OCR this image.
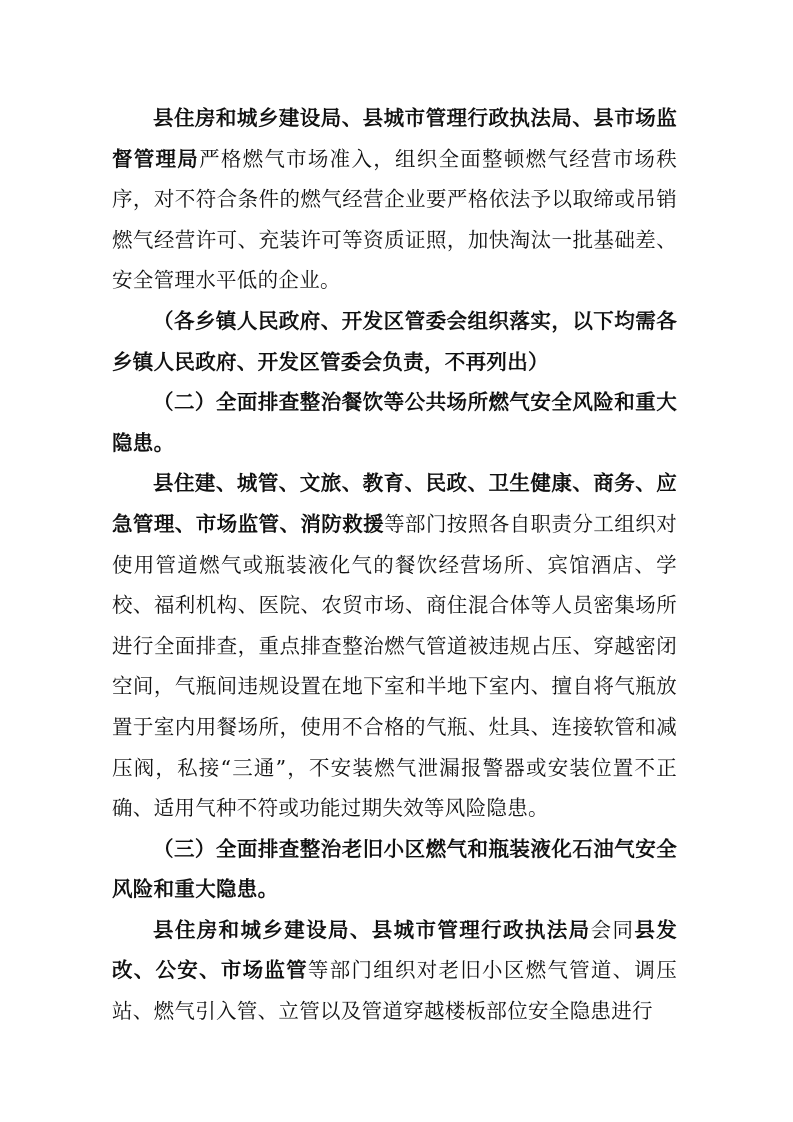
县住房和城乡建设局、县城市管理行政执法局、县市场监督管理局严格燃气市场准入，组织全面整顿燃气经营市场秩序，对不符合条件的燃气经营企业要严格依法予以取缔或吊销燃气经营许可、充装许可等资质证照，加快淘汰一批基础差、安全管理水平低的企业。

（各乡镇人民政府、开发区管委会组织落实，以下均需各乡镇人民政府、开发区管委会负责，不再列出）

（二）全面排查整治餐饮等公共场所燃气安全风险和重大隐患。

县住建、城管、文旅、教育、民政、卫生健康、商务、应急管理、市场监管、消防救援等部门按照各自职责分工组织对使用管道燃气或瓶装液化气的餐饮经营场所、宾馆酒店、学校、福利机构、医院、农贸市场、商住混合体等人员密集场所进行全面排查，重点排查整治燃气管道被违规占压、穿越密闭空间，气瓶间违规设置在地下室和半地下室内、擅自将气瓶放置于室内用餐场所，使用不合格的气瓶、灶具、连接软管和减压阀，私接“三通”，不安装燃气泄漏报警器或安装位置不正确、适用气种不符或功能过期失效等风险隐患。

（三）全面排查整治老旧小区燃气和瓶装液化石油气安全风险和重大隐患。

县住房和城乡建设局、县城市管理行政执法局会同县发改、公安、市场监管等部门组织对老旧小区燃气管道、调压站、燃气引入管、立管以及管道穿越楼板部位安全隐患进行
